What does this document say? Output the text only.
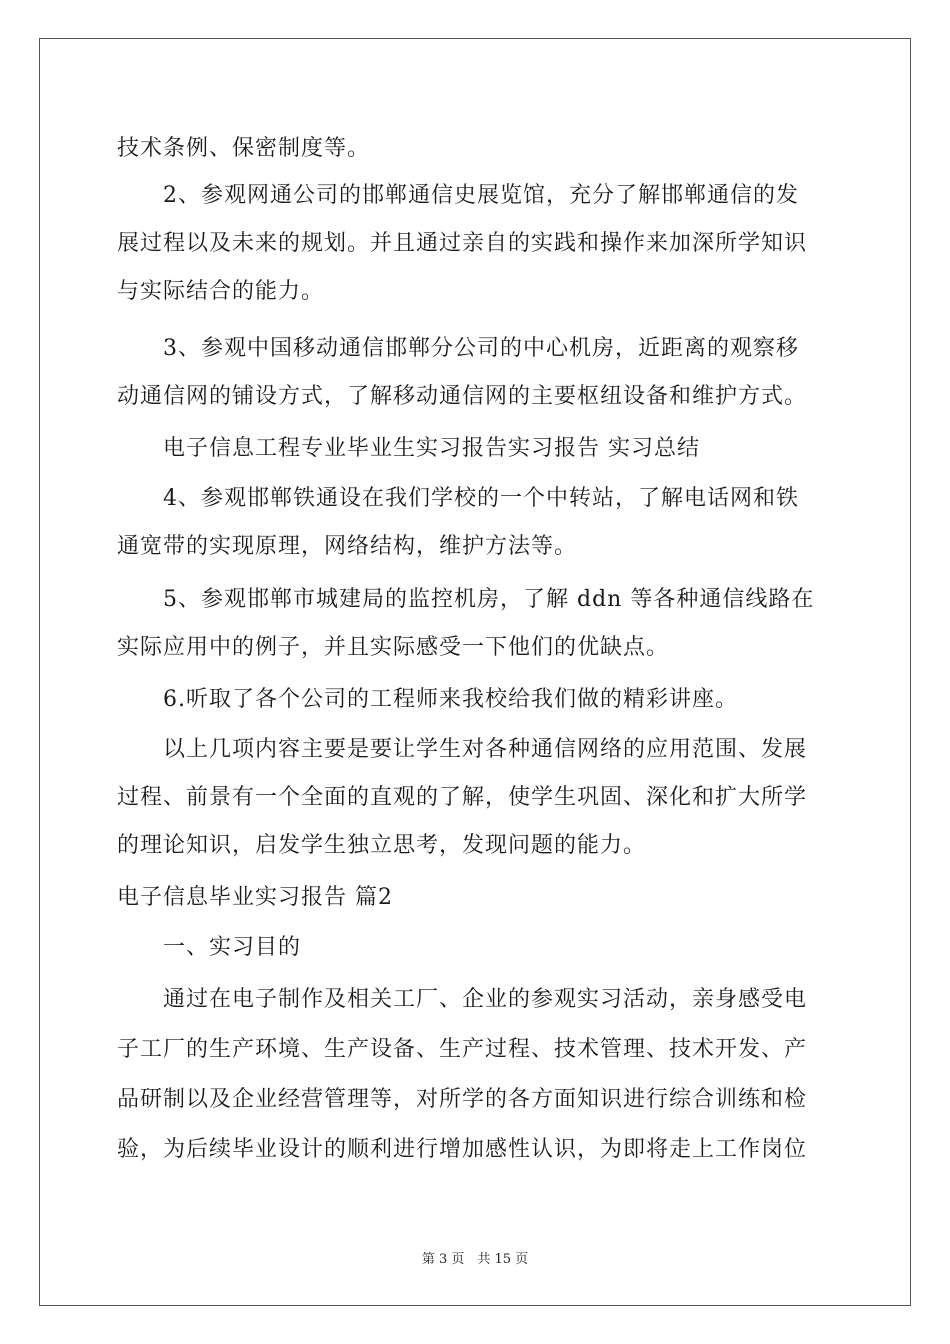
技术条例、保密制度等。
2、参观网通公司的邯郸通信史展览馆，充分了解邯郸通信的发
展过程以及未来的规划。并且通过亲自的实践和操作来加深所学知识
与实际结合的能力。
3、参观中国移动通信邯郸分公司的中心机房，近距离的观察移
动通信网的铺设方式，了解移动通信网的主要枢纽设备和维护方式。
电子信息工程专业毕业生实习报告实习报告 实习总结
4、参观邯郸铁通设在我们学校的一个中转站，了解电话网和铁
通宽带的实现原理，网络结构，维护方法等。
5、参观邯郸市城建局的监控机房，了解 ddn 等各种通信线路在
实际应用中的例子，并且实际感受一下他们的优缺点。
6.听取了各个公司的工程师来我校给我们做的精彩讲座。
以上几项内容主要是要让学生对各种通信网络的应用范围、发展
过程、前景有一个全面的直观的了解，使学生巩固、深化和扩大所学
的理论知识，启发学生独立思考，发现问题的能力。
电子信息毕业实习报告 篇2
一、实习目的
通过在电子制作及相关工厂、企业的参观实习活动，亲身感受电
子工厂的生产环境、生产设备、生产过程、技术管理、技术开发、产
品研制以及企业经营管理等，对所学的各方面知识进行综合训练和检
验，为后续毕业设计的顺利进行增加感性认识，为即将走上工作岗位
第 3 页　共 15 页
